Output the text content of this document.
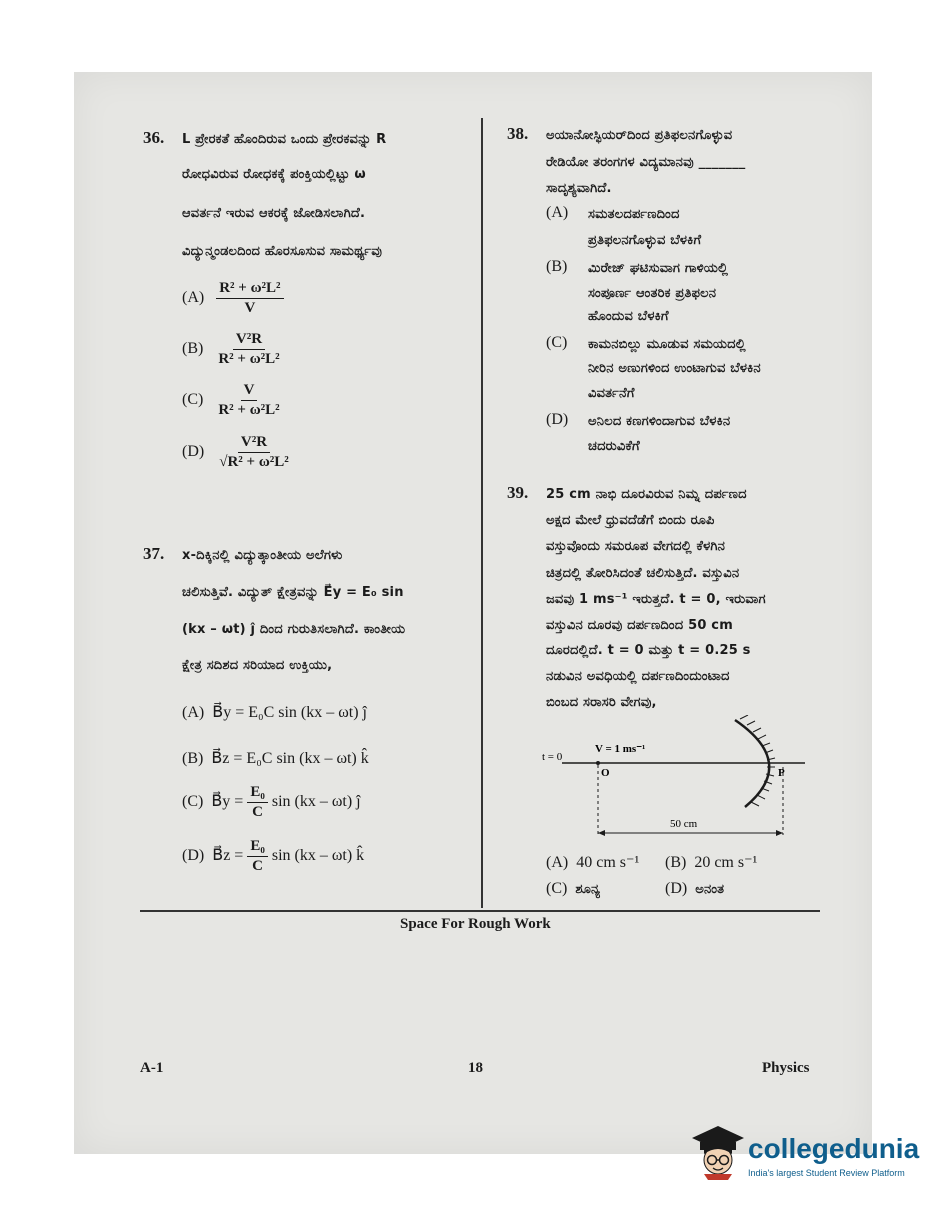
36. L ಪ್ರೇರಕತೆ ಹೊಂದಿರುವ ಒಂದು ಪ್ರೇರಕವನ್ನು R
ರೋಧವಿರುವ ರೋಧಕಕ್ಕೆ ಪಂಕ್ತಿಯಲ್ಲಿಟ್ಟು ω
ಆವರ್ತನೆ ಇರುವ ಆಕರಕ್ಕೆ ಜೋಡಿಸಲಾಗಿದೆ.
ವಿದ್ಯುನ್ಮಂಡಲದಿಂದ ಹೊರಸೂಸುವ ಸಾಮರ್ಥ್ಯವು
$(A) \frac{\text{R² + ω²L²}}{V}$
$(B) \frac{\text{V²R}}{\text{R² + ω²L²}}$
$(C) \frac{V}{\text{R² + ω²L²}}$
$(D) \frac{\text{V²R}}{\text{√R² + ω²L²}}$
37. x-ದಿಕ್ಕಿನಲ್ಲಿ ವಿದ್ಯುತ್ಕಾಂತೀಯ ಅಲೆಗಳು
ಚಲಿಸುತ್ತಿವೆ. ವಿದ್ಯುತ್ ಕ್ಷೇತ್ರವನ್ನು E⃗y = E₀ sin
(kx – ωt) ĵ ದಿಂದ ಗುರುತಿಸಲಾಗಿದೆ. ಕಾಂತೀಯ
ಕ್ಷೇತ್ರ ಸದಿಶದ ಸರಿಯಾದ ಉಕ್ತಿಯು,
(A) B⃗y = E₀C sin (kx – ωt) ĵ
(B) B⃗z = E₀C sin (kx – ωt) k̂
(C) B⃗y = $\frac{\text{E₀}}{C}$ sin (kx – ωt) ĵ
(D) B⃗z = $\frac{\text{E₀}}{C}$ sin (kx – ωt) k̂
38. ಅಯಾನೋಸ್ಫಿಯರ್‌ದಿಂದ ಪ್ರತಿಫಲನಗೊಳ್ಳುವ
ರೇಡಿಯೋ ತರಂಗಗಳ ವಿದ್ಯಮಾನವು _______
ಸಾದೃಶ್ಯವಾಗಿದೆ.
(A) ಸಮತಲದರ್ಪಣದಿಂದ
ಪ್ರತಿಫಲನಗೊಳ್ಳುವ ಬೆಳಕಿಗೆ
(B) ಮಿರೇಜ್ ಘಟಿಸುವಾಗ ಗಾಳಿಯಲ್ಲಿ
ಸಂಪೂರ್ಣ ಆಂತರಿಕ ಪ್ರತಿಫಲನ
ಹೊಂದುವ ಬೆಳಕಿಗೆ
(C) ಕಾಮನಬಿಲ್ಲು ಮೂಡುವ ಸಮಯದಲ್ಲಿ
ನೀರಿನ ಅಣುಗಳಿಂದ ಉಂಟಾಗುವ ಬೆಳಕಿನ
ವಿವರ್ತನೆಗೆ
(D) ಅನಿಲದ ಕಣಗಳಿಂದಾಗುವ ಬೆಳಕಿನ
ಚದರುವಿಕೆಗೆ
39. 25 cm ನಾಭಿ ದೂರವಿರುವ ನಿಮ್ನ ದರ್ಪಣದ
ಅಕ್ಷದ ಮೇಲೆ ಧ್ರುವದೆಡೆಗೆ ಬಿಂದು ರೂಪಿ
ವಸ್ತುವೊಂದು ಸಮರೂಪ ವೇಗದಲ್ಲಿ ಕೆಳಗಿನ
ಚಿತ್ರದಲ್ಲಿ ತೋರಿಸಿದಂತೆ ಚಲಿಸುತ್ತಿದೆ. ವಸ್ತುವಿನ
ಜವವು 1 ms⁻¹ ಇರುತ್ತದೆ. t = 0, ಇರುವಾಗ
ವಸ್ತುವಿನ ದೂರವು ದರ್ಪಣದಿಂದ 50 cm
ದೂರದಲ್ಲಿದೆ. t = 0 ಮತ್ತು t = 0.25 s
ನಡುವಿನ ಅವಧಿಯಲ್ಲಿ ದರ್ಪಣದಿಂದುಂಟಾದ
ಬಿಂಬದ ಸರಾಸರಿ ವೇಗವು,
t = 0
V = 1 ms⁻¹
O	P
50 cm
(A) 40 cm s⁻¹ (B) 20 cm s⁻¹
(C) ಶೂನ್ಯ	(D) ಅನಂತ
Space For Rough Work
A-1	18	Physics
collegedunia
India's largest Student Review Platform
